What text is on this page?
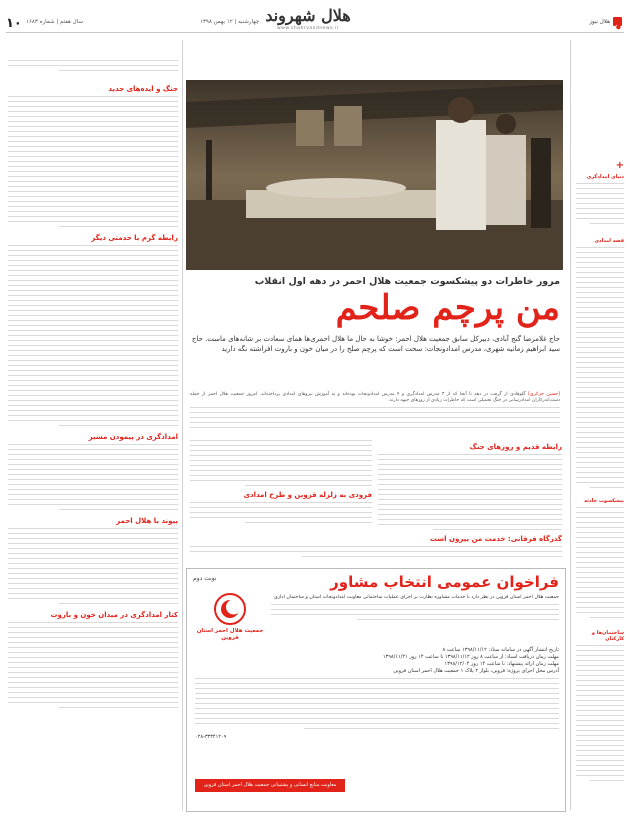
۱۰ سال هفتم | شماره ۱۶۸۳	چهارشنبه | ۱۲ بهمن ۱۳۹۸ هلال شهروند
www.shahrvandnews.ir
هلال نیوز
+
دنیای امدادگری
قصه امدادی
پیشکسوت حادثه
ساختمان‌ها و کارکنان
مرور خاطرات دو پیشکسوت جمعیت هلال احمر در دهه اول انقلاب
من پرچم صلحم
حاج غلامرضا گنج آبادی، دبیرکل سابق جمعیت هلال احمر: خوشا به حال ما هلال احمری‌ها همای سعادت بر شانه‌های ماست. حاج سید ابراهیم زمانیه شهری، مدرس امدادونجات: سخت است که پرچم صلح را در میان خون و باروت افراشته نگه دارید
[حسین جزائری] گلوهادی از گرفت در دهه تا آنجا که از ۳ مدرس امدادگری و ۴ مدرس امدادونجات بوده‌اند و به آموزش نیروهای امدادی پرداخته‌اند. امروز جمعیت هلال احمر از جمله دست‌اندرکاران امدادرسانی در جنگ تحمیلی است که خاطرات زیادی از روزهای جبهه دارند.
جنگ و ایده‌های جدید
رابطه گرم با خدمتی دیگر
امدادگری در پیمودن مسیر
پیوند با هلال احمر
کنار امدادگری در میدان خون و باروت
رابطه قدیم و روزهای جنگ
فرودی به زلزله قزوین و طرح امدادی
گذرگاه فرقانی: خدمت من بیرون است
نوبت دوم	فراخوان عمومی انتخاب مشاور
جمعیت هلال احمر استان قزوین
جمعیت هلال احمر استان قزوین در نظر دارد با خدمات مشاوره نظارت بر اجرای عملیات ساختمانی معاونت امدادونجات استان و ساختمان اداری
تاریخ انتشار آگهی در سامانه ستاد: ۱۳۹۸/۱۱/۱۲ ساعت ۸
مهلت زمان دریافت اسناد: از ساعت ۸ روز ۱۳۹۸/۱۱/۱۲ تا ساعت ۱۴ روز ۱۳۹۸/۱۱/۲۱
مهلت زمان ارائه پیشنهاد: تا ساعت ۱۴ روز ۱۳۹۸/۱۲/۰۴
آدرس محل اجرای پروژه: قزوین، بلوار ۲ پلاک ۱ جمعیت هلال احمر استان قزوین
۰۲۸-۳۳۳۴۱۲۰۹
معاونت منابع انسانی و پشتیبانی جمعیت هلال احمر استان قزوین
